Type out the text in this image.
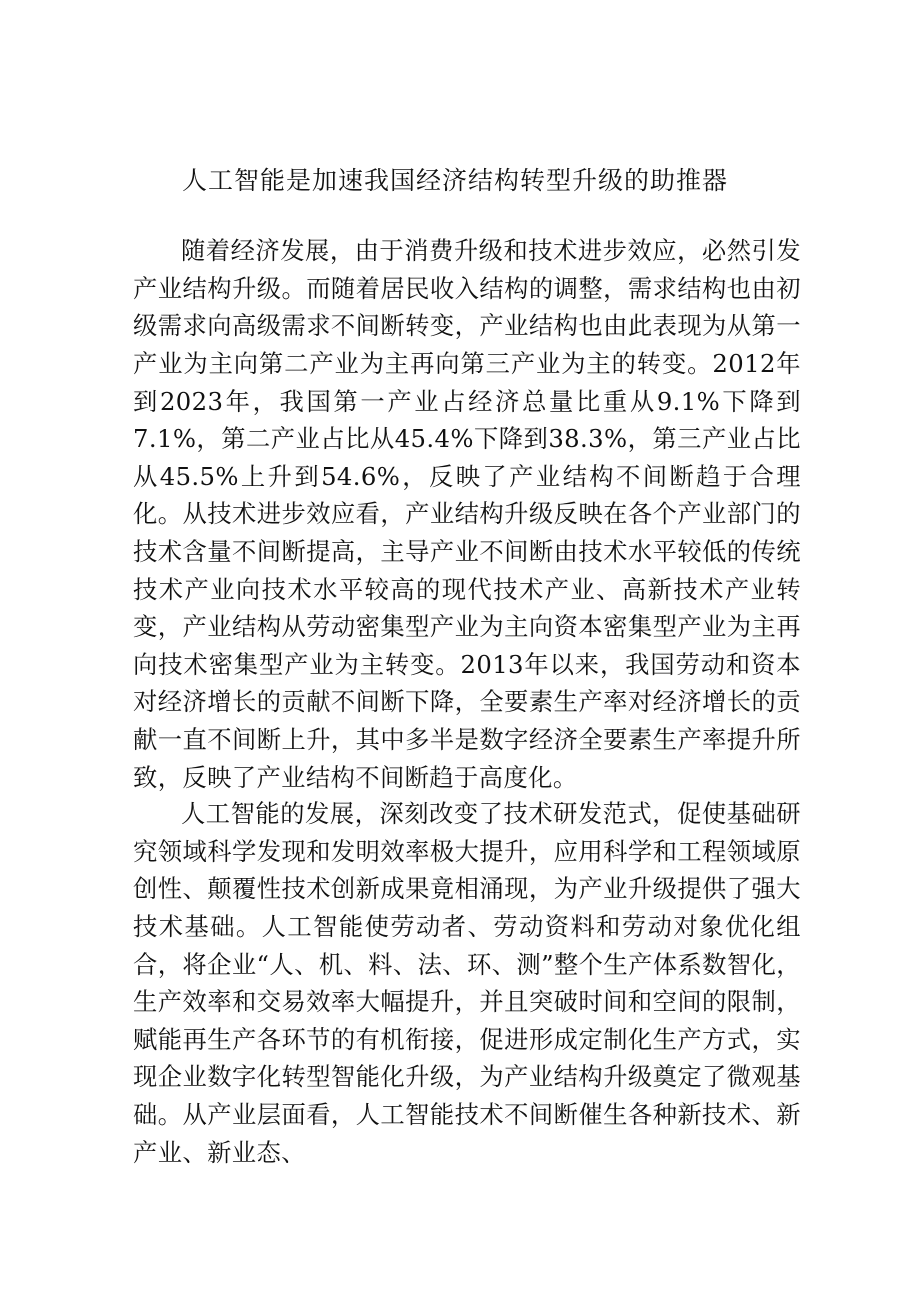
人工智能是加速我国经济结构转型升级的助推器

随着经济发展，由于消费升级和技术进步效应，必然引发产业结构升级。而随着居民收入结构的调整，需求结构也由初级需求向高级需求不间断转变，产业结构也由此表现为从第一产业为主向第二产业为主再向第三产业为主的转变。2012年到2023年，我国第一产业占经济总量比重从9.1%下降到7.1%，第二产业占比从45.4%下降到38.3%，第三产业占比从45.5%上升到54.6%，反映了产业结构不间断趋于合理化。从技术进步效应看，产业结构升级反映在各个产业部门的技术含量不间断提高，主导产业不间断由技术水平较低的传统技术产业向技术水平较高的现代技术产业、高新技术产业转变，产业结构从劳动密集型产业为主向资本密集型产业为主再向技术密集型产业为主转变。2013年以来，我国劳动和资本对经济增长的贡献不间断下降，全要素生产率对经济增长的贡献一直不间断上升，其中多半是数字经济全要素生产率提升所致，反映了产业结构不间断趋于高度化。

人工智能的发展，深刻改变了技术研发范式，促使基础研究领域科学发现和发明效率极大提升，应用科学和工程领域原创性、颠覆性技术创新成果竟相涌现，为产业升级提供了强大技术基础。人工智能使劳动者、劳动资料和劳动对象优化组合，将企业“人、机、料、法、环、测”整个生产体系数智化，生产效率和交易效率大幅提升，并且突破时间和空间的限制，赋能再生产各环节的有机衔接，促进形成定制化生产方式，实现企业数字化转型智能化升级，为产业结构升级奠定了微观基础。从产业层面看，人工智能技术不间断催生各种新技术、新产业、新业态、
